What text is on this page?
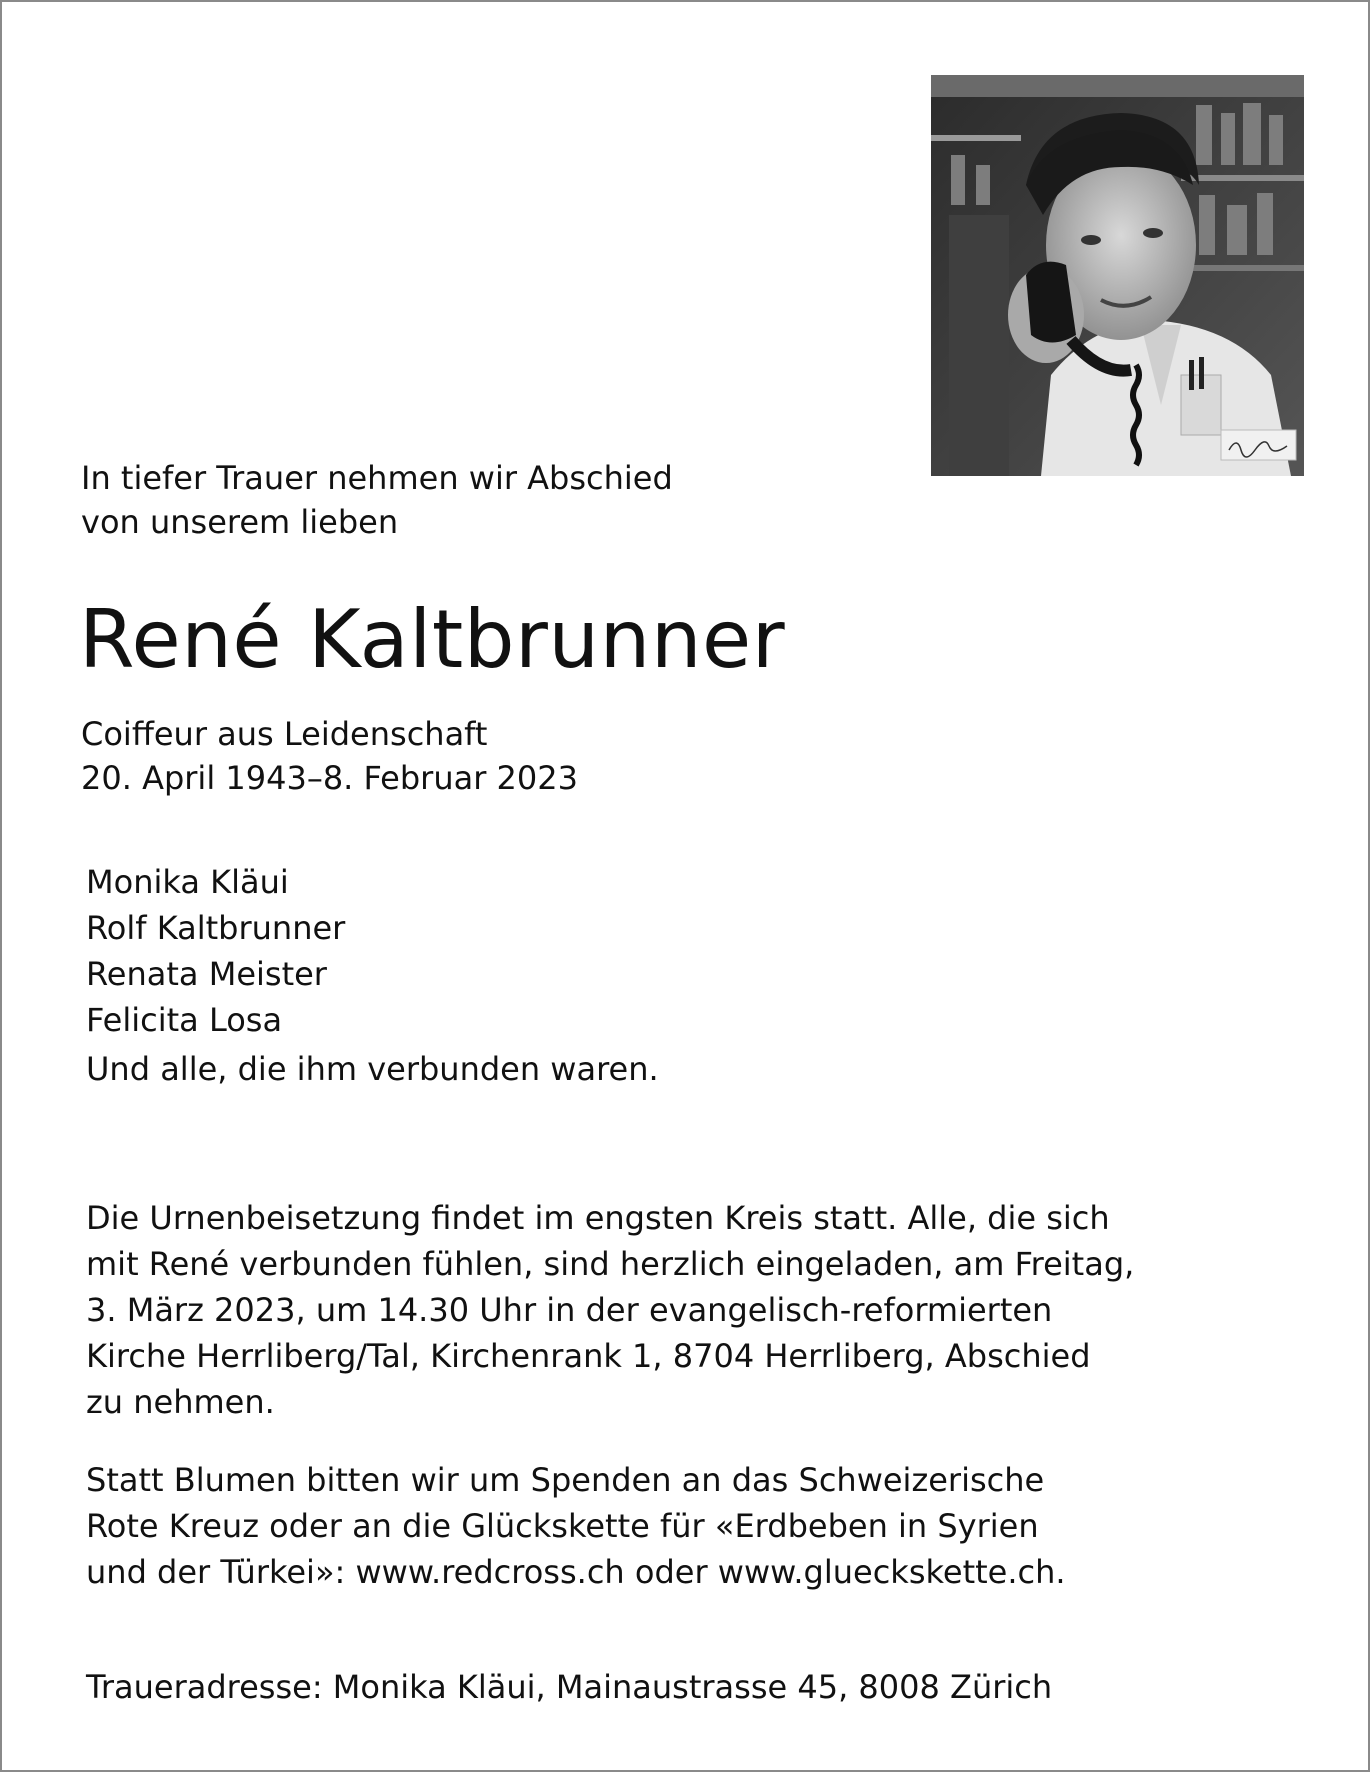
In tiefer Trauer nehmen wir Abschied
von unserem lieben
René Kaltbrunner
Coiffeur aus Leidenschaft
20. April 1943–8. Februar 2023
Monika Kläui
Rolf Kaltbrunner
Renata Meister
Felicita Losa
Und alle, die ihm verbunden waren.
Die Urnenbeisetzung findet im engsten Kreis statt. Alle, die sich
mit René verbunden fühlen, sind herzlich eingeladen, am Freitag,
3. März 2023, um 14.30 Uhr in der evangelisch-reformierten
Kirche Herrliberg/Tal, Kirchenrank 1, 8704 Herrliberg, Abschied
zu nehmen.
Statt Blumen bitten wir um Spenden an das Schweizerische
Rote Kreuz oder an die Glückskette für «Erdbeben in Syrien
und der Türkei»: www.redcross.ch oder www.glueckskette.ch.
Traueradresse: Monika Kläui, Mainaustrasse 45, 8008 Zürich
